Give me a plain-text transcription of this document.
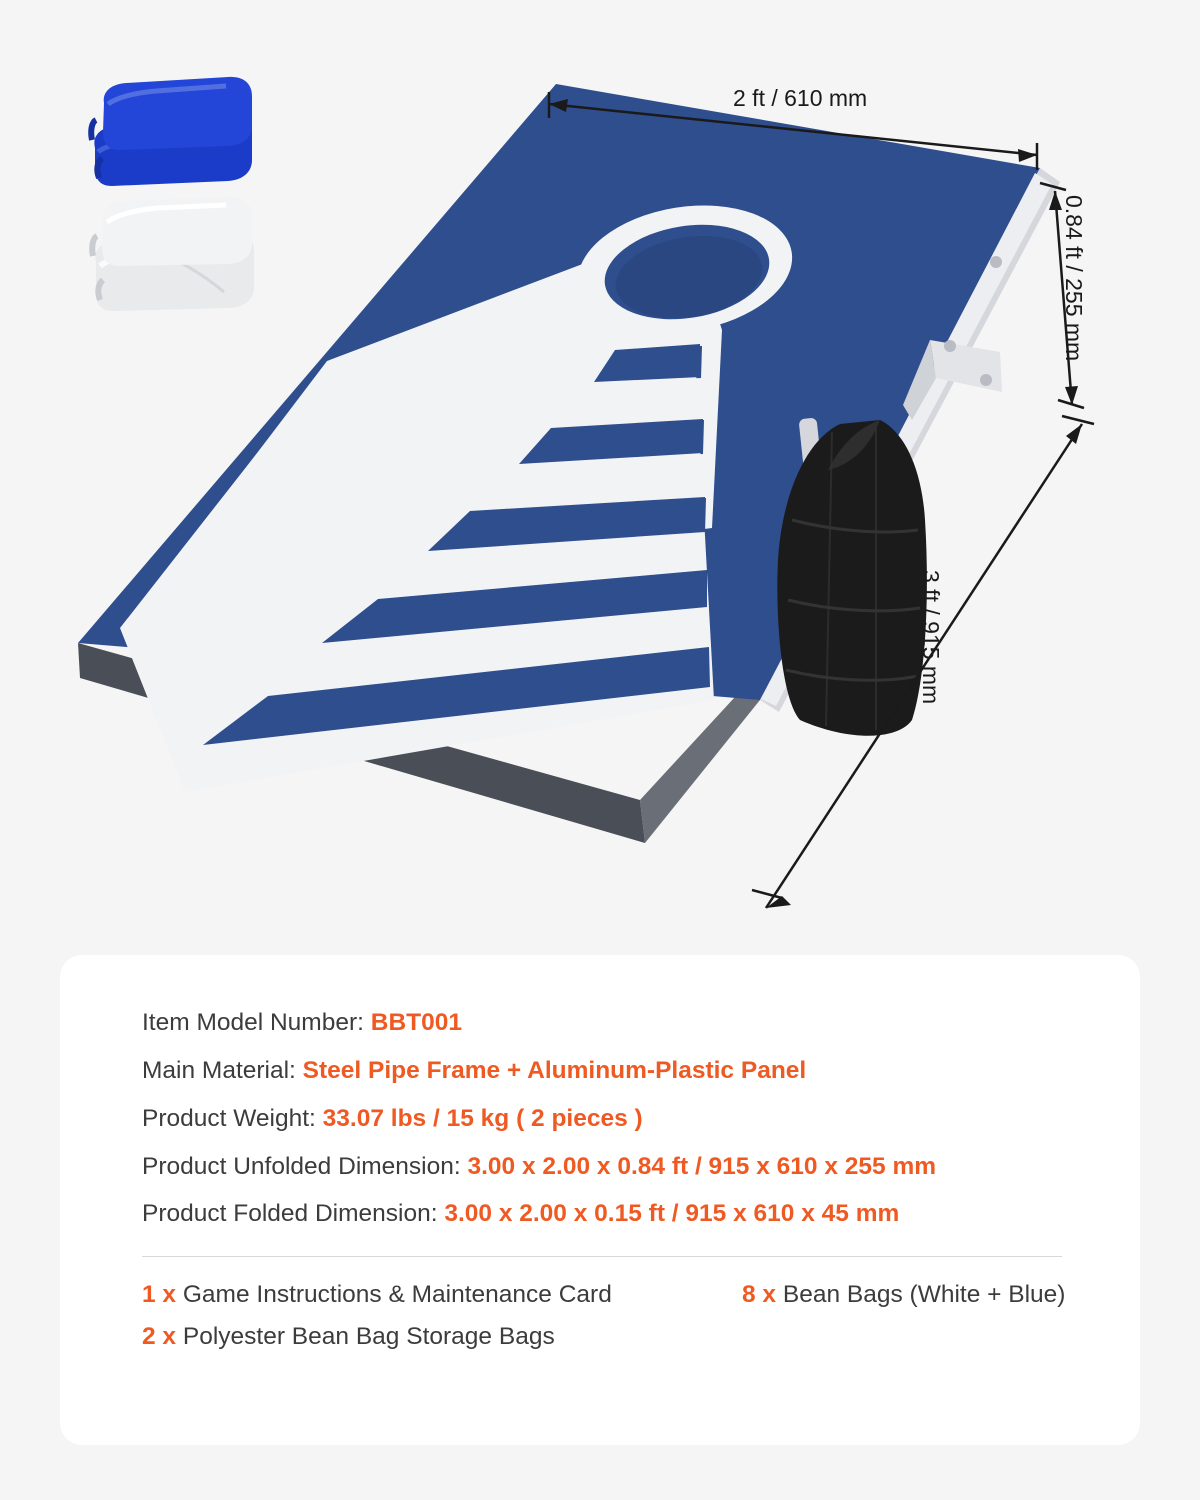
2 ft / 610 mm
0.84 ft / 255 mm
3 ft / 915 mm
Item Model Number: BBT001
Main Material: Steel Pipe Frame + Aluminum-Plastic Panel
Product Weight: 33.07 lbs / 15 kg ( 2 pieces )
Product Unfolded Dimension: 3.00 x 2.00 x 0.84 ft / 915 x 610 x 255 mm
Product Folded Dimension: 3.00 x 2.00 x 0.15 ft / 915 x 610 x 45 mm
1 x Game Instructions & Maintenance Card
2 x Polyester Bean Bag Storage Bags
8 x Bean Bags (White + Blue)
